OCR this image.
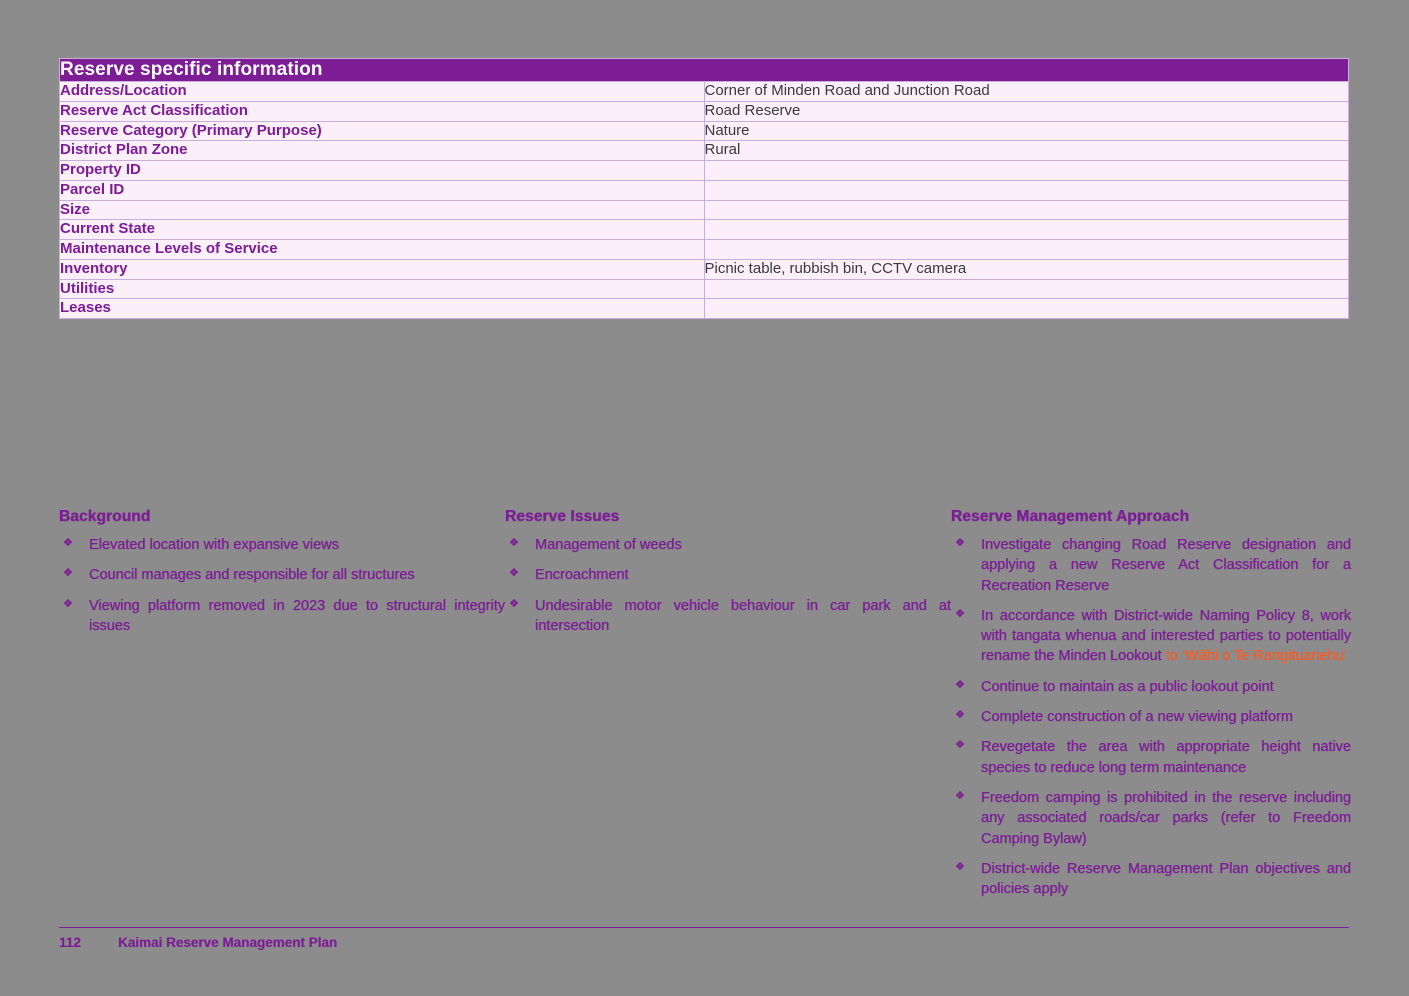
Reserve specific information	
Address/Location	Corner of Minden Road and Junction Road
Reserve Act Classification	Road Reserve
Reserve Category (Primary Purpose)	Nature
District Plan Zone	Rural
Property ID	
Parcel ID	
Size	
Current State	
Maintenance Levels of Service	
Inventory	Picnic table, rubbish bin, CCTV camera
Utilities	
Leases	
Background
❖ Elevated location with expansive views
❖ Council manages and responsible for all structures
❖ Viewing platform removed in 2023 due to structural integrity issues
Reserve Issues
❖ Management of weeds
❖ Encroachment
❖ Undesirable motor vehicle behaviour in car park and at intersection
Reserve Management Approach
❖ Investigate changing Road Reserve designation and applying a new Reserve Act Classification for a Recreation Reserve
❖ In accordance with District-wide Naming Policy 8, work with tangata whenua and interested parties to potentially rename the Minden Lookout to ‘Wāhi o Te Rangituanehu’
❖ Continue to maintain as a public lookout point
❖ Complete construction of a new viewing platform
❖ Revegetate the area with appropriate height native species to reduce long term maintenance
❖ Freedom camping is prohibited in the reserve including any associated roads/car parks (refer to Freedom Camping Bylaw)
❖ District-wide Reserve Management Plan objectives and policies apply
112	Kaimai Reserve Management Plan
